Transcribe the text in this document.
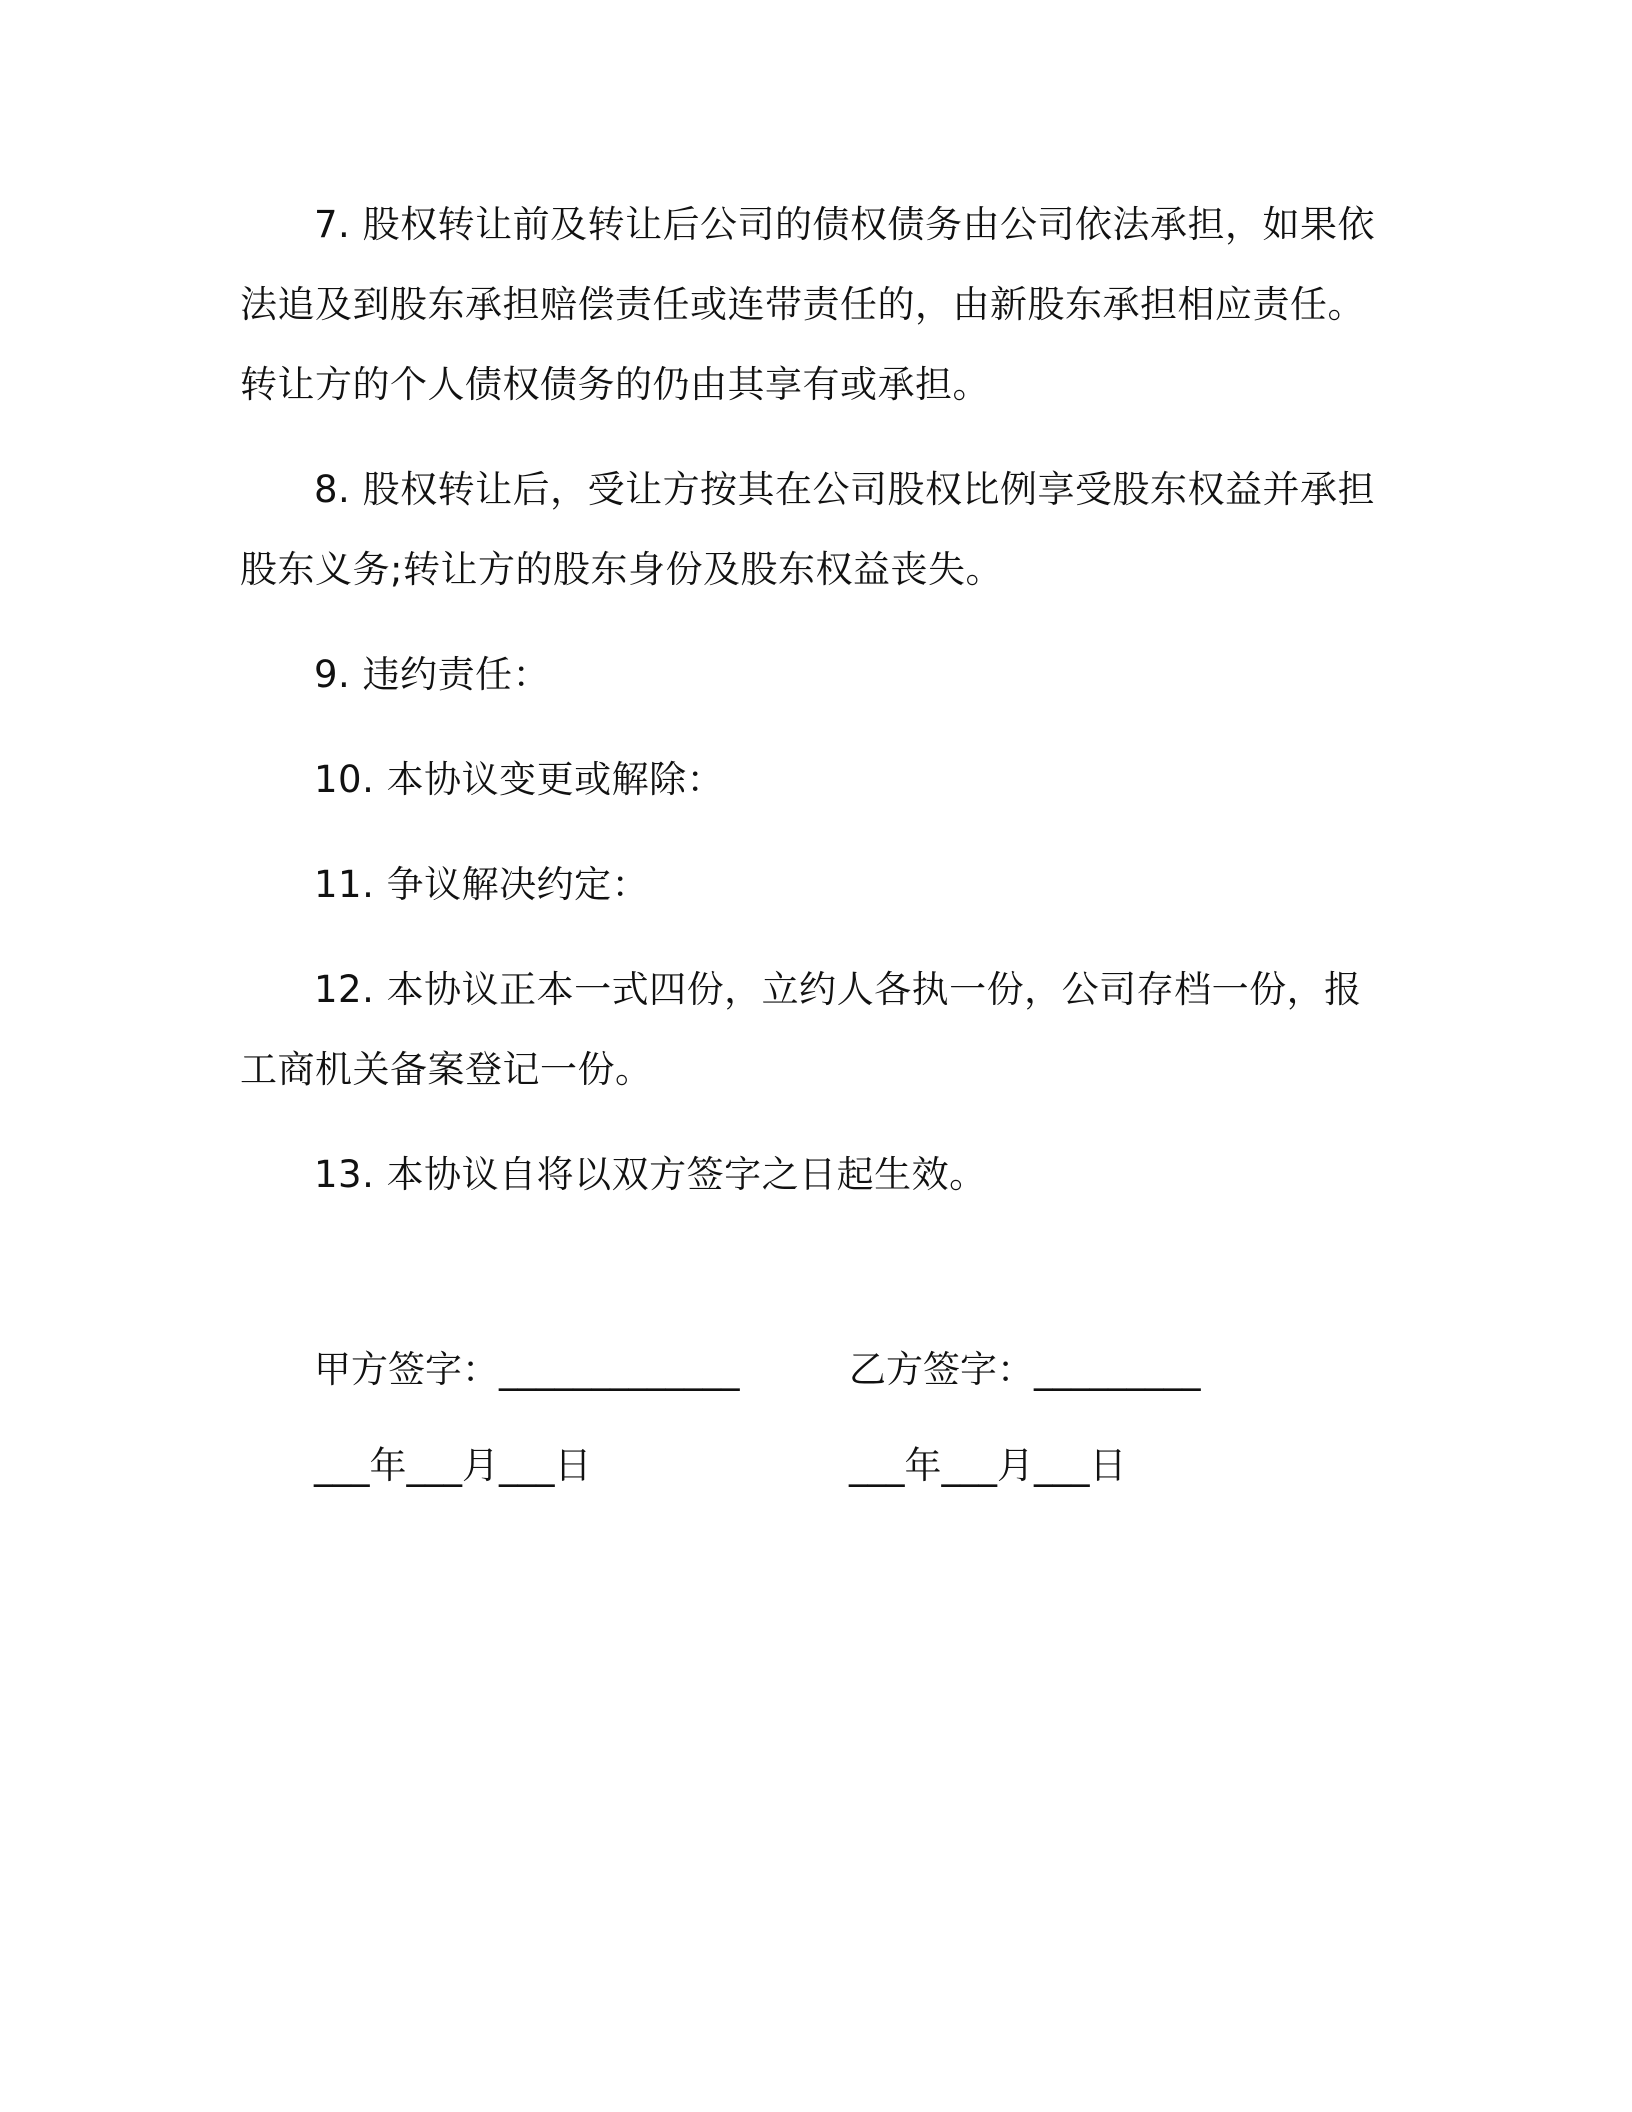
7. 股权转让前及转让后公司的债权债务由公司依法承担，如果依法追及到股东承担赔偿责任或连带责任的，由新股东承担相应责任。转让方的个人债权债务的仍由其享有或承担。

8. 股权转让后，受让方按其在公司股权比例享受股东权益并承担股东义务;转让方的股东身份及股东权益丧失。

9. 违约责任：

10. 本协议变更或解除：

11. 争议解决约定：

12. 本协议正本一式四份，立约人各执一份，公司存档一份，报工商机关备案登记一份。

13. 本协议自将以双方签字之日起生效。

甲方签字：_____________	乙方签字：_________
___年___月___日	___年___月___日
